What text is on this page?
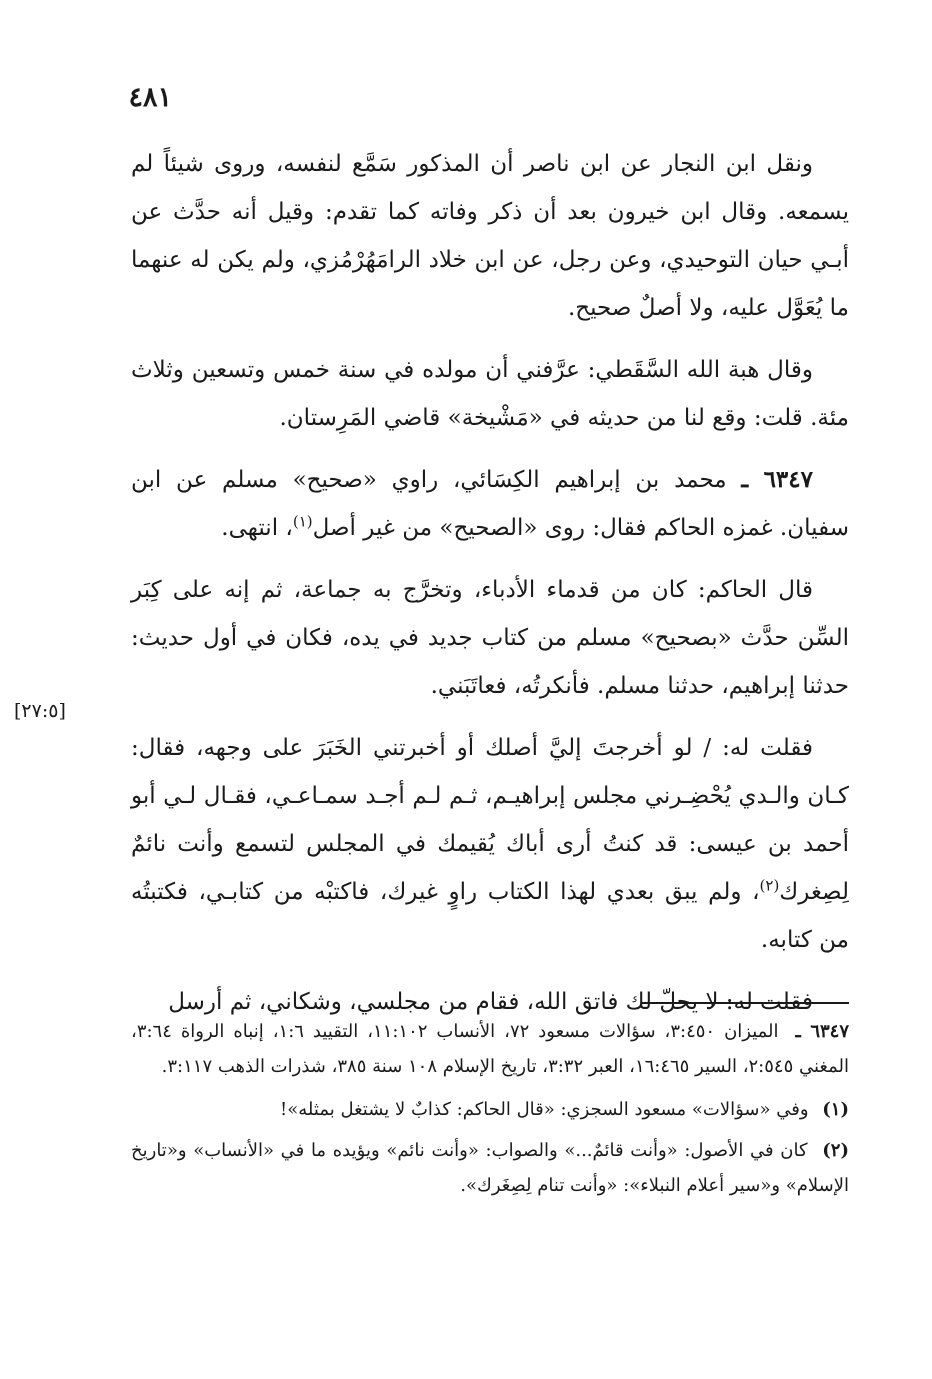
٤٨١
[٢٧:٥]

ونقل ابن النجار عن ابن ناصر أن المذكور سَمَّع لنفسه، وروى شيئاً لم يسمعه. وقال ابن خيرون بعد أن ذكر وفاته كما تقدم: وقيل أنه حدَّث عن أبـي حيان التوحيدي، وعن رجل، عن ابن خلاد الرامَهُرْمُزي، ولم يكن له عنهما ما يُعَوَّل عليه، ولا أصلٌ صحيح.

وقال هبة الله السَّقَطي: عرَّفني أن مولده في سنة خمس وتسعين وثلاث مئة. قلت: وقع لنا من حديثه في «مَشْيخة» قاضي المَرِستان.

٦٣٤٧ ـ محمد بن إبراهيم الكِسَائي، راوي «صحيح» مسلم عن ابن سفيان. غمزه الحاكم فقال: روى «الصحيح» من غير أصل$^{(١)}$، انتهى.

قال الحاكم: كان من قدماء الأدباء، وتخرَّج به جماعة، ثم إنه على كِبَر السِّن حدَّث «بصحيح» مسلم من كتاب جديد في يده، فكان في أول حديث: حدثنا إبراهيم، حدثنا مسلم. فأنكرتُه، فعاتَبَني.

فقلت له: / لو أخرجتَ إليَّ أصلك أو أخبرتني الخَبَرَ على وجهه، فقال: كـان والـدي يُحْضِـرني مجلس إبراهيـم، ثـم لـم أجـد سمـاعـي، فقـال لـي أبو أحمد بن عيسى: قد كنتُ أرى أباك يُقيمك في المجلس لتسمع وأنت نائمٌ لِصِغرك$^{(٢)}$، ولم يبق بعدي لهذا الكتاب راوٍ غيرك، فاكتبْه من كتابـي، فكتبتُه من كتابه.

فقلت له: لا يحلّ لك فاتق الله، فقام من مجلسي، وشكاني، ثم أرسل

٦٣٤٧ ـ الميزان ٣:٤٥٠، سؤالات مسعود ٧٢، الأنساب ١١:١٠٢، التقييد ١:٦، إنباه الرواة ٣:٦٤، المغني ٢:٥٤٥، السير ١٦:٤٦٥، العبر ٣:٣٢، تاريخ الإسلام ١٠٨ سنة ٣٨٥، شذرات الذهب ٣:١١٧.

(١) وفي «سؤالات» مسعود السجزي: «قال الحاكم: كذابٌ لا يشتغل بمثله»!

(٢) كان في الأصول: «وأنت قائمٌ...» والصواب: «وأنت نائم» ويؤيده ما في «الأنساب» و«تاريخ الإسلام» و«سير أعلام النبلاء»: «وأنت تنام لِصِغَرك».
